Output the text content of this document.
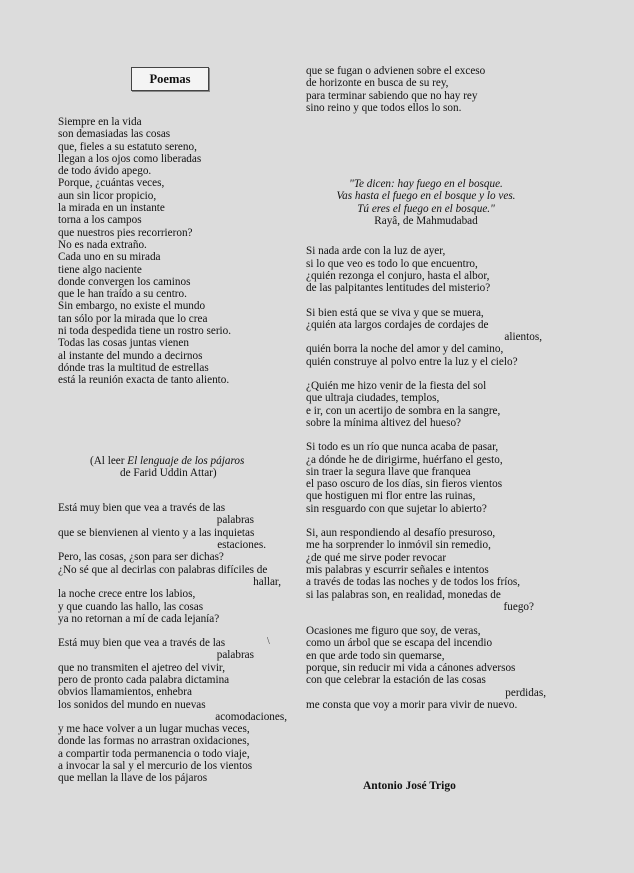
Poemas
Siempre en la vida
son demasiadas las cosas
que, fieles a su estatuto sereno,
llegan a los ojos como liberadas
de todo ávido apego.
Porque, ¿cuántas veces,
aun sin licor propicio,
la mirada en un instante
torna a los campos
que nuestros pies recorrieron?
No es nada extraño.
Cada uno en su mirada
tiene algo naciente
donde convergen los caminos
que le han traído a su centro.
Sin embargo, no existe el mundo
tan sólo por la mirada que lo crea
ni toda despedida tiene un rostro serio.
Todas las cosas juntas vienen
al instante del mundo a decirnos
dónde tras la multitud de estrellas
está la reunión exacta de tanto aliento.
(Al leer El lenguaje de los pájaros
de Farid Uddin Attar)
Está muy bien que vea a través de las
palabras
que se bienvienen al viento y a las inquietas
estaciones.
Pero, las cosas, ¿son para ser dichas?
¿No sé que al decirlas con palabras difíciles de
hallar,
la noche crece entre los labios,
y que cuando las hallo, las cosas
ya no retornan a mí de cada lejanía?
Está muy bien que vea a través de las
palabras
que no transmiten el ajetreo del vivir,
pero de pronto cada palabra dictamina
obvios llamamientos, enhebra
los sonidos del mundo en nuevas
acomodaciones,
y me hace volver a un lugar muchas veces,
donde las formas no arrastran oxidaciones,
a compartir toda permanencia o todo viaje,
a invocar la sal y el mercurio de los vientos
que mellan la llave de los pájaros
\
que se fugan o advienen sobre el exceso
de horizonte en busca de su rey,
para terminar sabiendo que no hay rey
sino reino y que todos ellos lo son.
"Te dicen: hay fuego en el bosque.
Vas hasta el fuego en el bosque y lo ves.
Tú eres el fuego en el bosque."
Rayâ, de Mahmudabad
Si nada arde con la luz de ayer,
si lo que veo es todo lo que encuentro,
¿quién rezonga el conjuro, hasta el albor,
de las palpitantes lentitudes del misterio?
Si bien está que se viva y que se muera,
¿quién ata largos cordajes de cordajes de
alientos,
quién borra la noche del amor y del camino,
quién construye al polvo entre la luz y el cielo?
¿Quién me hizo venir de la fiesta del sol
que ultraja ciudades, templos,
e ir, con un acertijo de sombra en la sangre,
sobre la mínima altivez del hueso?
Si todo es un río que nunca acaba de pasar,
¿a dónde he de dirigirme, huérfano el gesto,
sin traer la segura llave que franquea
el paso oscuro de los días, sin fieros vientos
que hostiguen mi flor entre las ruinas,
sin resguardo con que sujetar lo abierto?
Si, aun respondiendo al desafío presuroso,
me ha sorprender lo inmóvil sin remedio,
¿de qué me sirve poder revocar
mis palabras y escurrir señales e intentos
a través de todas las noches y de todos los fríos,
si las palabras son, en realidad, monedas de
fuego?
Ocasiones me figuro que soy, de veras,
como un árbol que se escapa del incendio
en que arde todo sin quemarse,
porque, sin reducir mi vida a cánones adversos
con que celebrar la estación de las cosas
perdidas,
me consta que voy a morir para vivir de nuevo.
Antonio José Trigo
